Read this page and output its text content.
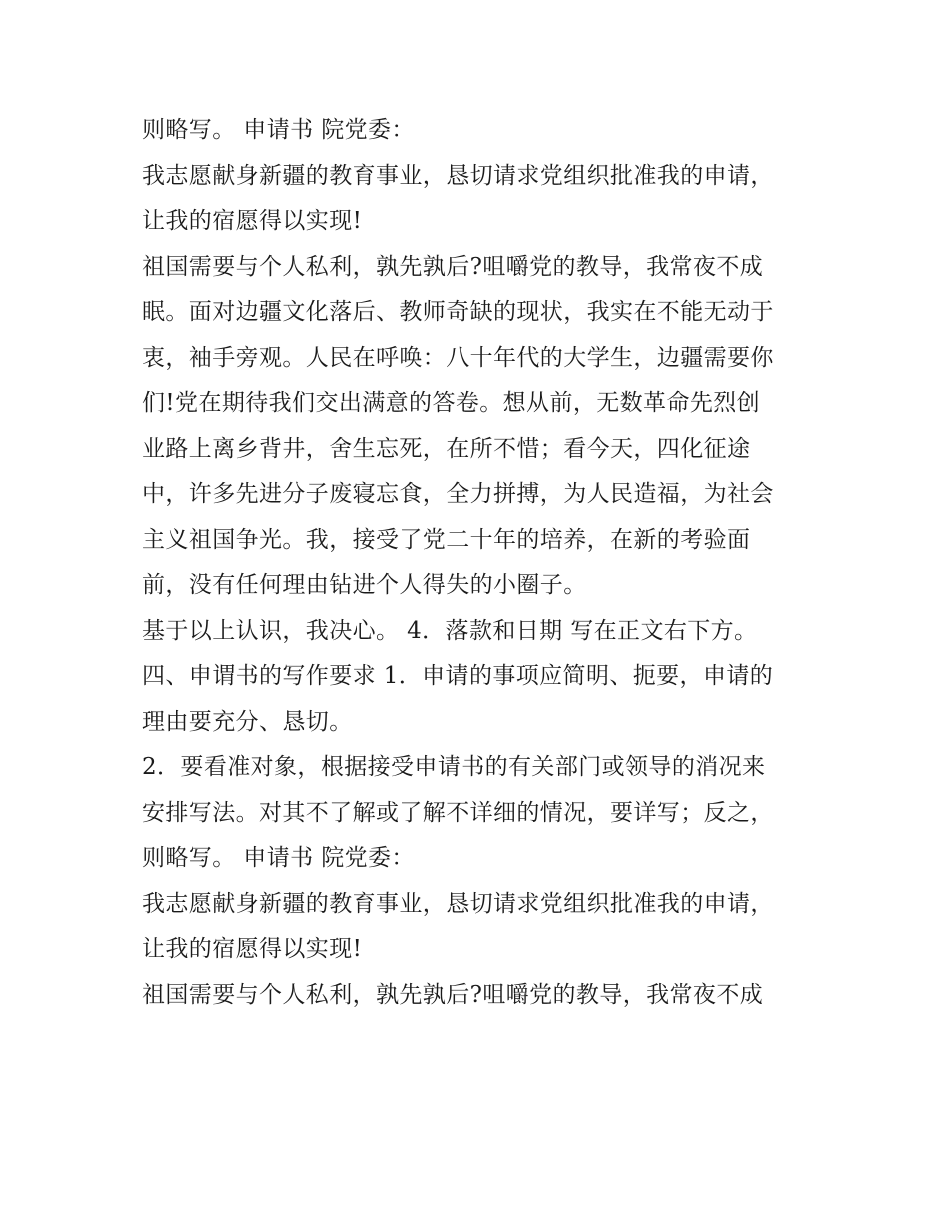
则略写。 申请书 院党委：
我志愿献身新疆的教育事业，恳切请求党组织批准我的申请，
让我的宿愿得以实现!
祖国需要与个人私利，孰先孰后?咀嚼党的教导，我常夜不成
眠。面对边疆文化落后、教师奇缺的现状，我实在不能无动于
衷，袖手旁观。人民在呼唤：八十年代的大学生，边疆需要你
们!党在期待我们交出满意的答卷。想从前，无数革命先烈创
业路上离乡背井，舍生忘死，在所不惜；看今天，四化征途
中，许多先进分子废寝忘食，全力拼搏，为人民造福，为社会
主义祖国争光。我，接受了党二十年的培养，在新的考验面
前，没有任何理由钻进个人得失的小圈子。
基于以上认识，我决心。 4．落款和日期 写在正文右下方。
四、申谓书的写作要求 1．申请的事项应简明、扼要，申请的
理由要充分、恳切。
2．要看准对象，根据接受申请书的有关部门或领导的消况来
安排写法。对其不了解或了解不详细的情况，要详写；反之，
则略写。 申请书 院党委：
我志愿献身新疆的教育事业，恳切请求党组织批准我的申请，
让我的宿愿得以实现!
祖国需要与个人私利，孰先孰后?咀嚼党的教导，我常夜不成
